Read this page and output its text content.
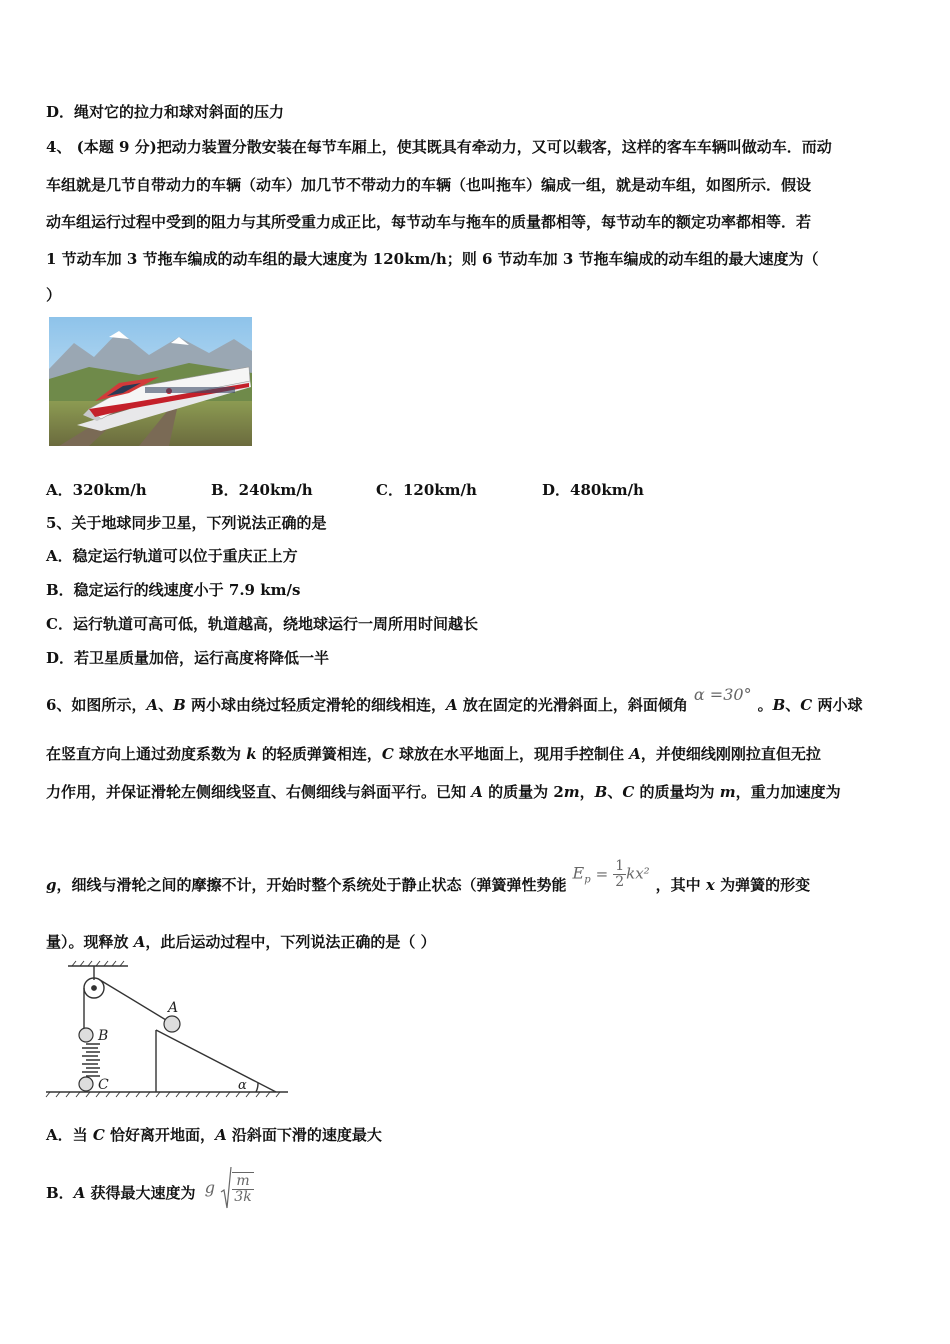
D．绳对它的拉力和球对斜面的压力
4、 (本题 9 分)把动力装置分散安装在每节车厢上，使其既具有牵动力，又可以载客，这样的客车车辆叫做动车．而动
车组就是几节自带动力的车辆（动车）加几节不带动力的车辆（也叫拖车）编成一组，就是动车组，如图所示．假设
动车组运行过程中受到的阻力与其所受重力成正比，每节动车与拖车的质量都相等，每节动车的额定功率都相等．若
1 节动车加 3 节拖车编成的动车组的最大速度为 120km/h；则 6 节动车加 3 节拖车编成的动车组的最大速度为（
）
A．320km/h	B．240km/h	C．120km/h	D．480km/h
5、关于地球同步卫星，下列说法正确的是
A．稳定运行轨道可以位于重庆正上方
B．稳定运行的线速度小于 7.9 km/s
C．运行轨道可高可低，轨道越高，绕地球运行一周所用时间越长
D．若卫星质量加倍，运行高度将降低一半
6、如图所示，A、B 两小球由绕过轻质定滑轮的细线相连，A 放在固定的光滑斜面上，斜面倾角α =30°。B、C 两小球
在竖直方向上通过劲度系数为 k 的轻质弹簧相连，C 球放在水平地面上，现用手控制住 A，并使细线刚刚拉直但无拉
力作用，并保证滑轮左侧细线竖直、右侧细线与斜面平行。已知 A 的质量为 2m，B、C 的质量均为 m，重力加速度为
g，细线与滑轮之间的摩擦不计，开始时整个系统处于静止状态（弹簧弹性势能$E_p = \frac{1}{2} kx^2$，其中 x 为弹簧的形变
量）。现释放 A，此后运动过程中，下列说法正确的是（ ）
A
B
C	α
A．当 C 恰好离开地面，A 沿斜面下滑的速度最大
B．A 获得最大速度为 g $\frac{m}{3k}$
